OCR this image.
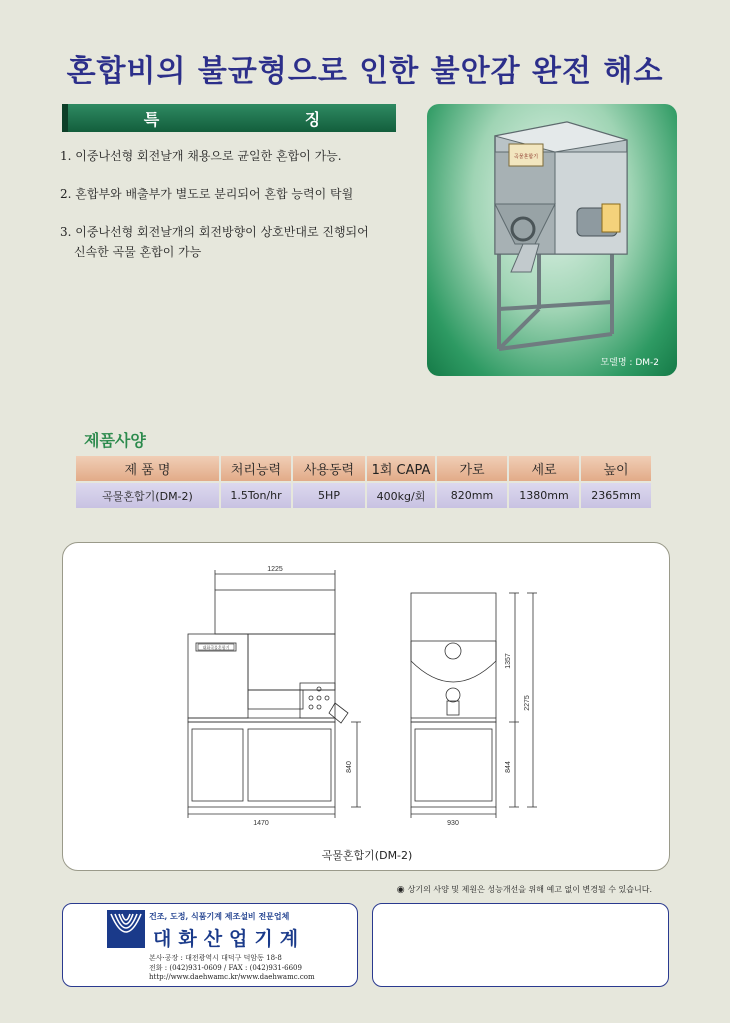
혼합비의 불균형으로 인한 불안감 완전 해소
특 징
1. 이중나선형 회전날개 채용으로 균일한 혼합이 가능.
2. 혼합부와 배출부가 별도로 분리되어 혼합 능력이 탁월
3. 이중나선형 회전날개의 회전방향이 상호반대로 진행되어
신속한 곡물 혼합이 가능
곡물혼합기
모델명 : DM-2
제품사양
제 품 명	처리능력	사용동력	1회 CAPA	가로	세로	높이
곡물혼합기(DM-2)	1.5Ton/hr	5HP	400kg/회	820mm	1380mm	2365mm
대화곡물혼합기
1225
1470
840
930
1357
844
2275
곡물혼합기(DM-2)
◉ 상기의 사양 및 제원은 성능개선을 위해 예고 없이 변경될 수 있습니다.
건조, 도정, 식품기계 제조설비 전문업체
대화산업기계
본사·공장 : 대전광역시 대덕구 덕암동 18-8
전화 : (042)931-0609 / FAX : (042)931-6609
http://www.daehwamc.kr/www.daehwamc.com
